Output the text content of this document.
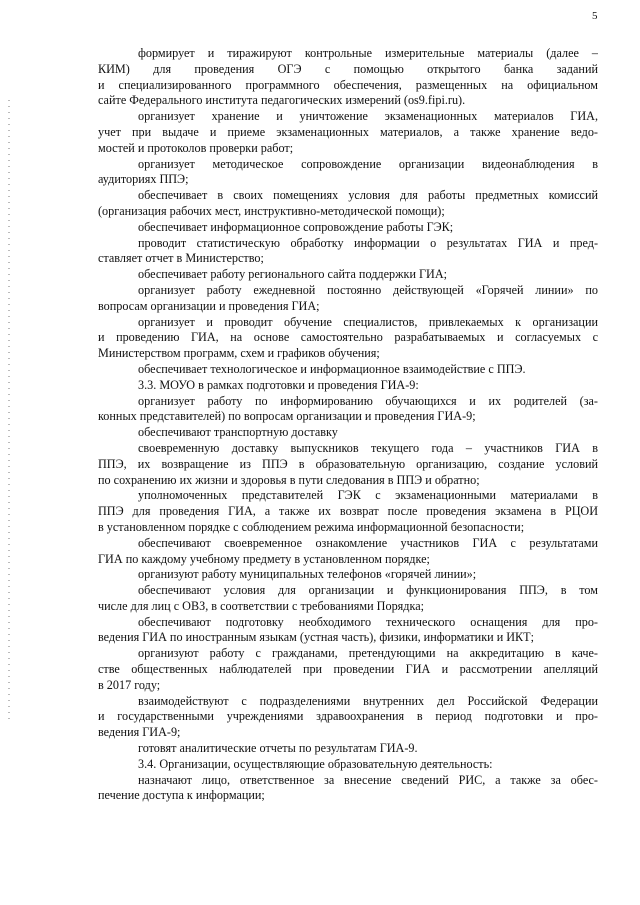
5
формирует и тиражируют контрольные измерительные материалы (далее –
КИМ) для проведения ОГЭ с помощью открытого банка заданий
и специализированного программного обеспечения, размещенных на официальном
сайте Федерального института педагогических измерений (os9.fipi.ru).
организует хранение и уничтожение экзаменационных материалов ГИА,
учет при выдаче и приеме экзаменационных материалов, а также хранение ведо-
мостей и протоколов проверки работ;
организует методическое сопровождение организации видеонаблюдения в
аудиториях ППЭ;
обеспечивает в своих помещениях условия для работы предметных комиссий
(организация рабочих мест, инструктивно-методической помощи);
обеспечивает информационное сопровождение работы ГЭК;
проводит статистическую обработку информации о результатах ГИА и пред-
ставляет отчет в Министерство;
обеспечивает работу регионального сайта поддержки ГИА;
организует работу ежедневной постоянно действующей «Горячей линии» по
вопросам организации и проведения ГИА;
организует и проводит обучение специалистов, привлекаемых к организации
и проведению ГИА, на основе самостоятельно разрабатываемых и согласуемых с
Министерством программ, схем и графиков обучения;
обеспечивает технологическое и информационное взаимодействие с ППЭ.
3.3. МОУО в рамках подготовки и проведения ГИА-9:
организует работу по информированию обучающихся и их родителей (за-
конных представителей) по вопросам организации и проведения ГИА-9;
обеспечивают транспортную доставку
своевременную доставку выпускников текущего года – участников ГИА в
ППЭ, их возвращение из ППЭ в образовательную организацию, создание условий
по сохранению их жизни и здоровья в пути следования в ППЭ и обратно;
уполномоченных представителей ГЭК с экзаменационными материалами в
ППЭ для проведения ГИА, а также их возврат после проведения экзамена в РЦОИ
в установленном порядке с соблюдением режима информационной безопасности;
обеспечивают своевременное ознакомление участников ГИА с результатами
ГИА по каждому учебному предмету в установленном порядке;
организуют работу муниципальных телефонов «горячей линии»;
обеспечивают условия для организации и функционирования ППЭ, в том
числе для лиц с ОВЗ, в соответствии с требованиями Порядка;
обеспечивают подготовку необходимого технического оснащения для про-
ведения ГИА по иностранным языкам (устная часть), физики, информатики и ИКТ;
организуют работу с гражданами, претендующими на аккредитацию в каче-
стве общественных наблюдателей при проведении ГИА и рассмотрении апелляций
в 2017 году;
взаимодействуют с подразделениями внутренних дел Российской Федерации
и государственными учреждениями здравоохранения в период подготовки и про-
ведения ГИА-9;
готовят аналитические отчеты по результатам ГИА-9.
3.4. Организации, осуществляющие образовательную деятельность:
назначают лицо, ответственное за внесение сведений РИС, а также за обес-
печение доступа к информации;
